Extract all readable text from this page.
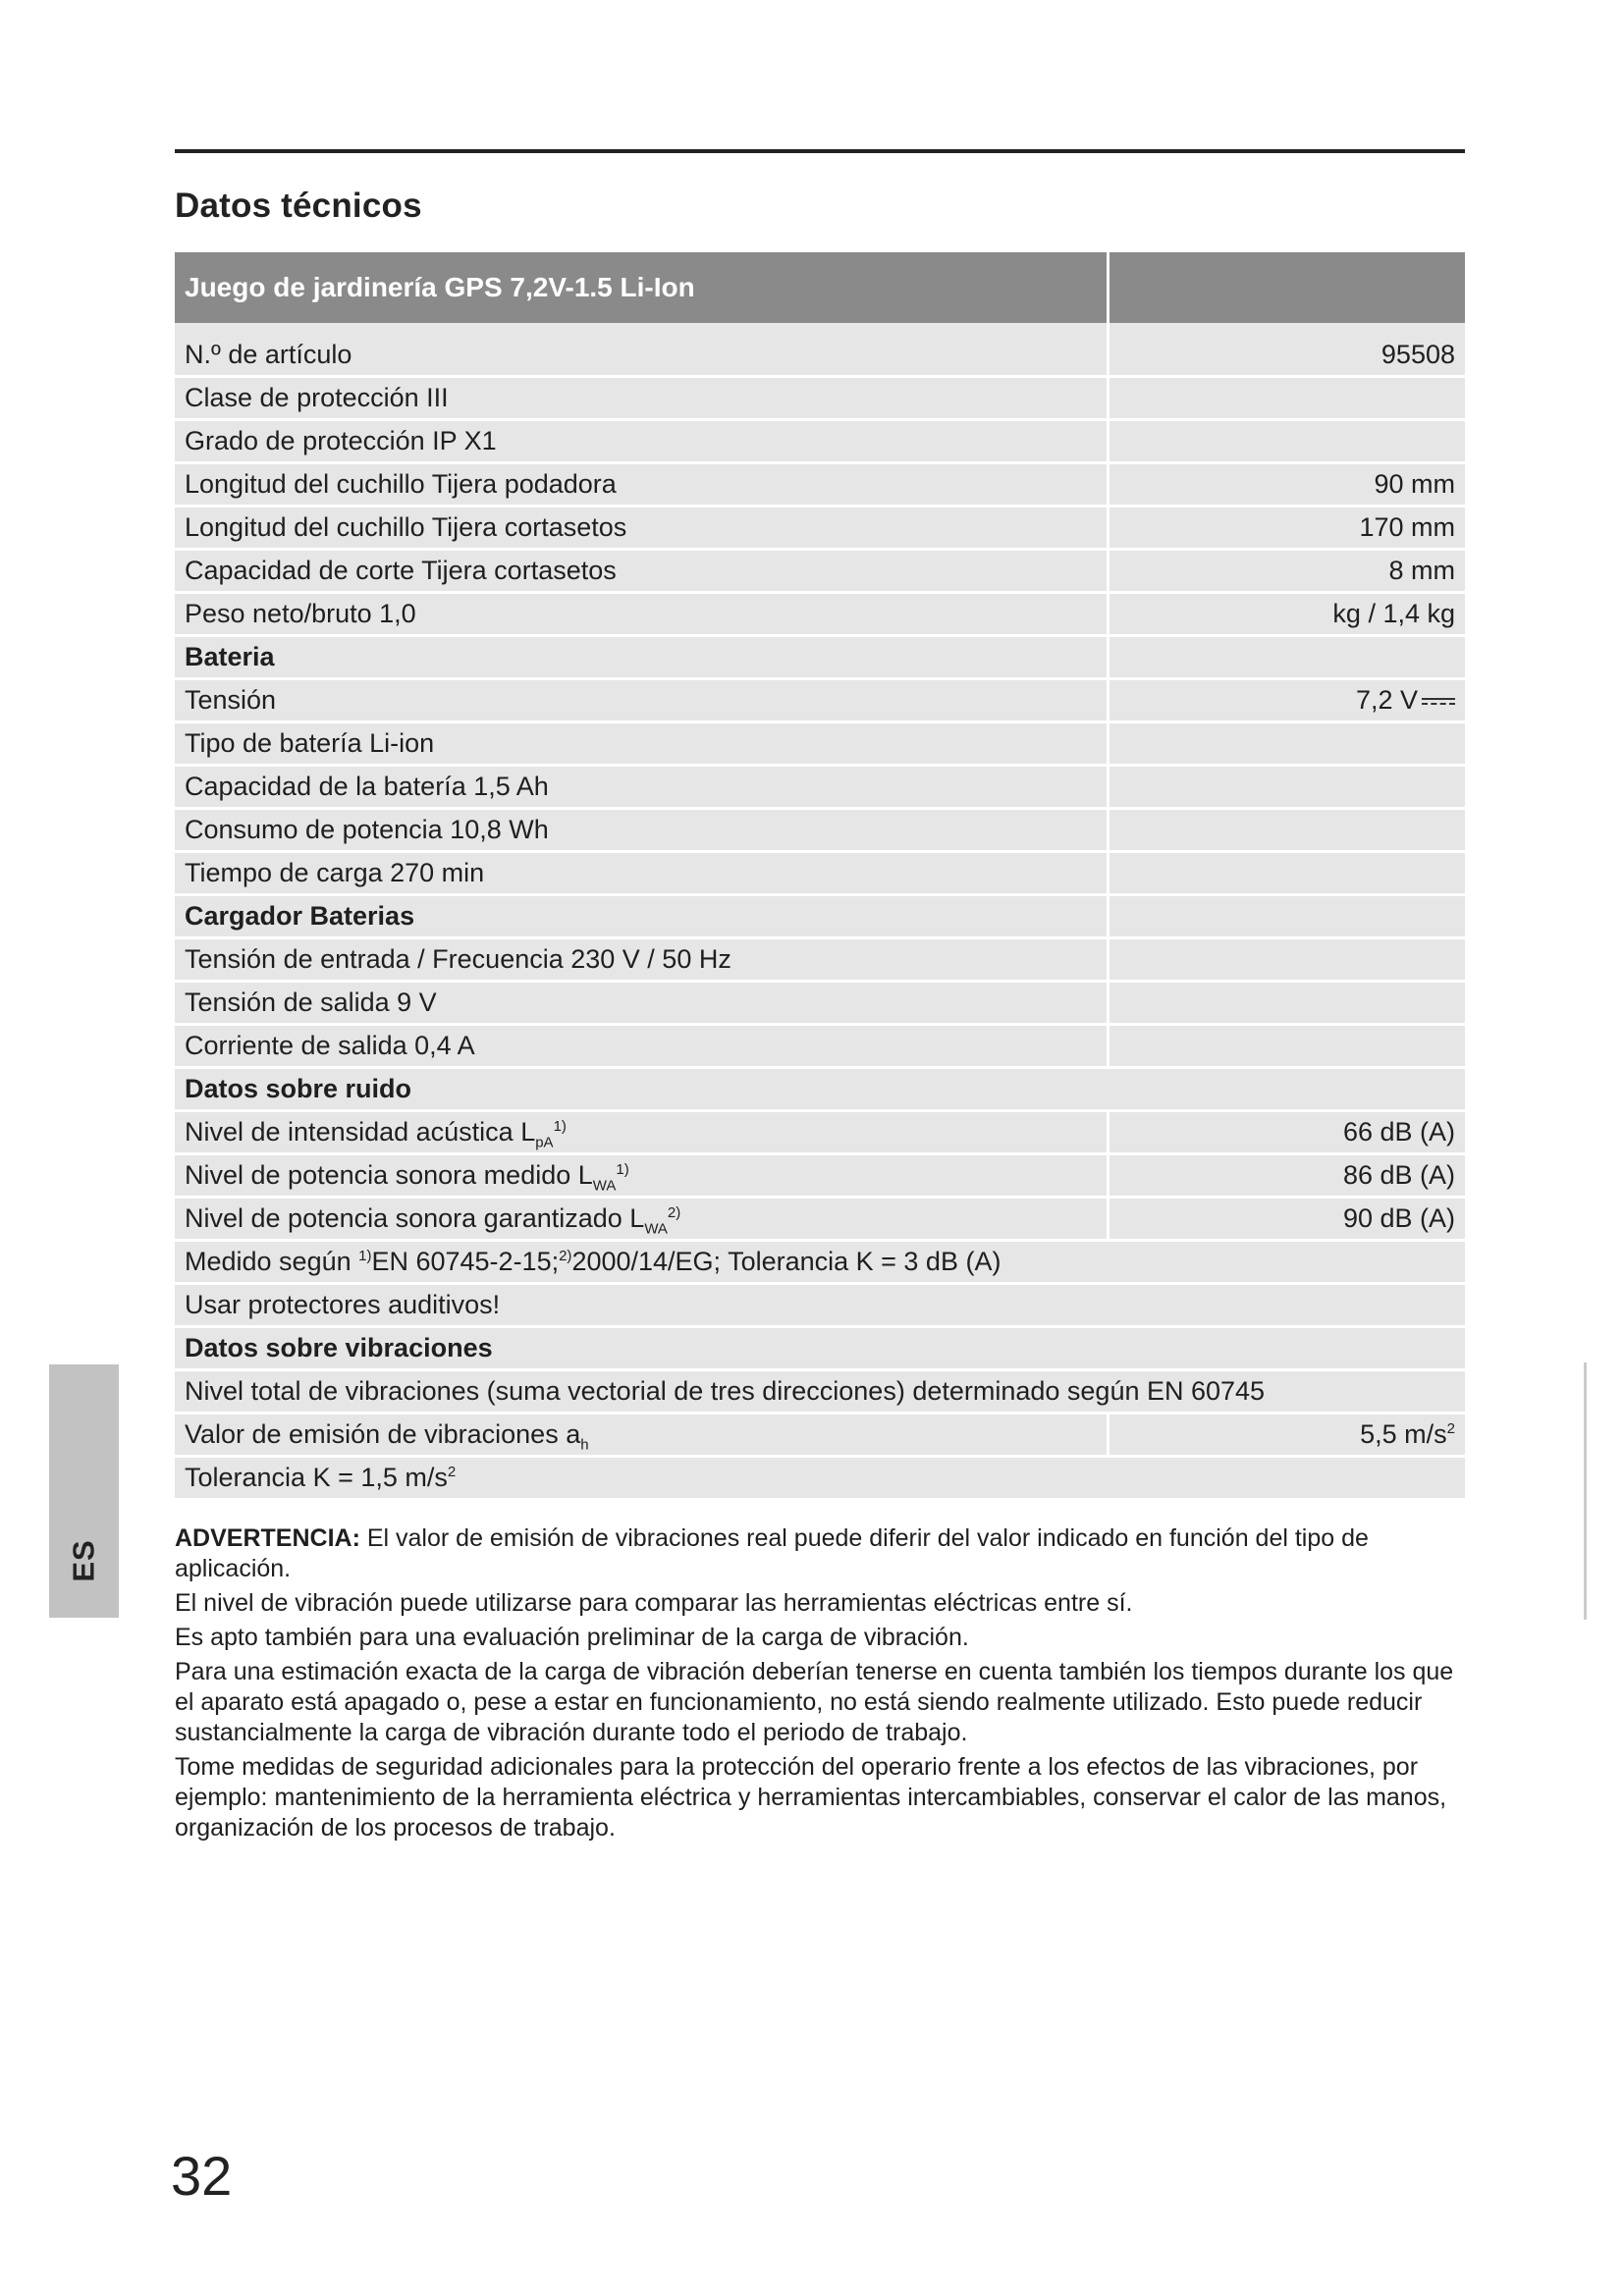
Datos técnicos
Juego de jardinería GPS 7,2V-1.5 Li-Ion	
N.º de artículo	95508
Clase de protección III	
Grado de protección IP X1	
Longitud del cuchillo Tijera podadora	90 mm
Longitud del cuchillo Tijera cortasetos	170 mm
Capacidad de corte Tijera cortasetos	8 mm
Peso neto/bruto 1,0	kg / 1,4 kg
Bateria	
Tensión	7,2 V
Tipo de batería Li-ion	
Capacidad de la batería 1,5 Ah	
Consumo de potencia 10,8 Wh	
Tiempo de carga 270 min	
Cargador Baterias	
Tensión de entrada / Frecuencia 230 V / 50 Hz	
Tensión de salida 9 V	
Corriente de salida 0,4 A	
Datos sobre ruido	
Nivel de intensidad acústica $L_{pA}^{1)}$	66 dB (A)
Nivel de potencia sonora medido $L_{WA}^{1)}$	86 dB (A)
Nivel de potencia sonora garantizado $L_{WA}^{2)}$	90 dB (A)
Medido según $^{1)}$EN 60745-2-15;$^{2)}$2000/14/EG; Tolerancia K = 3 dB (A)	
Usar protectores auditivos!	
Datos sobre vibraciones	
Nivel total de vibraciones (suma vectorial de tres direcciones) determinado según EN 60745	
Valor de emisión de vibraciones $a_h$	5,5 $m/s^2$
Tolerancia K = 1,5 $m/s^2$
ES

ADVERTENCIA: El valor de emisión de vibraciones real puede diferir del valor indicado en función del tipo de aplicación.

El nivel de vibración puede utilizarse para comparar las herramientas eléctricas entre sí.

Es apto también para una evaluación preliminar de la carga de vibración.

Para una estimación exacta de la carga de vibración deberían tenerse en cuenta también los tiempos durante los que el aparato está apagado o, pese a estar en funcionamiento, no está siendo realmente utilizado. Esto puede reducir sustancialmente la carga de vibración durante todo el periodo de trabajo.

Tome medidas de seguridad adicionales para la protección del operario frente a los efectos de las vibraciones, por ejemplo: mantenimiento de la herramienta eléctrica y herramientas intercambiables, conservar el calor de las manos, organización de los procesos de trabajo.

32
